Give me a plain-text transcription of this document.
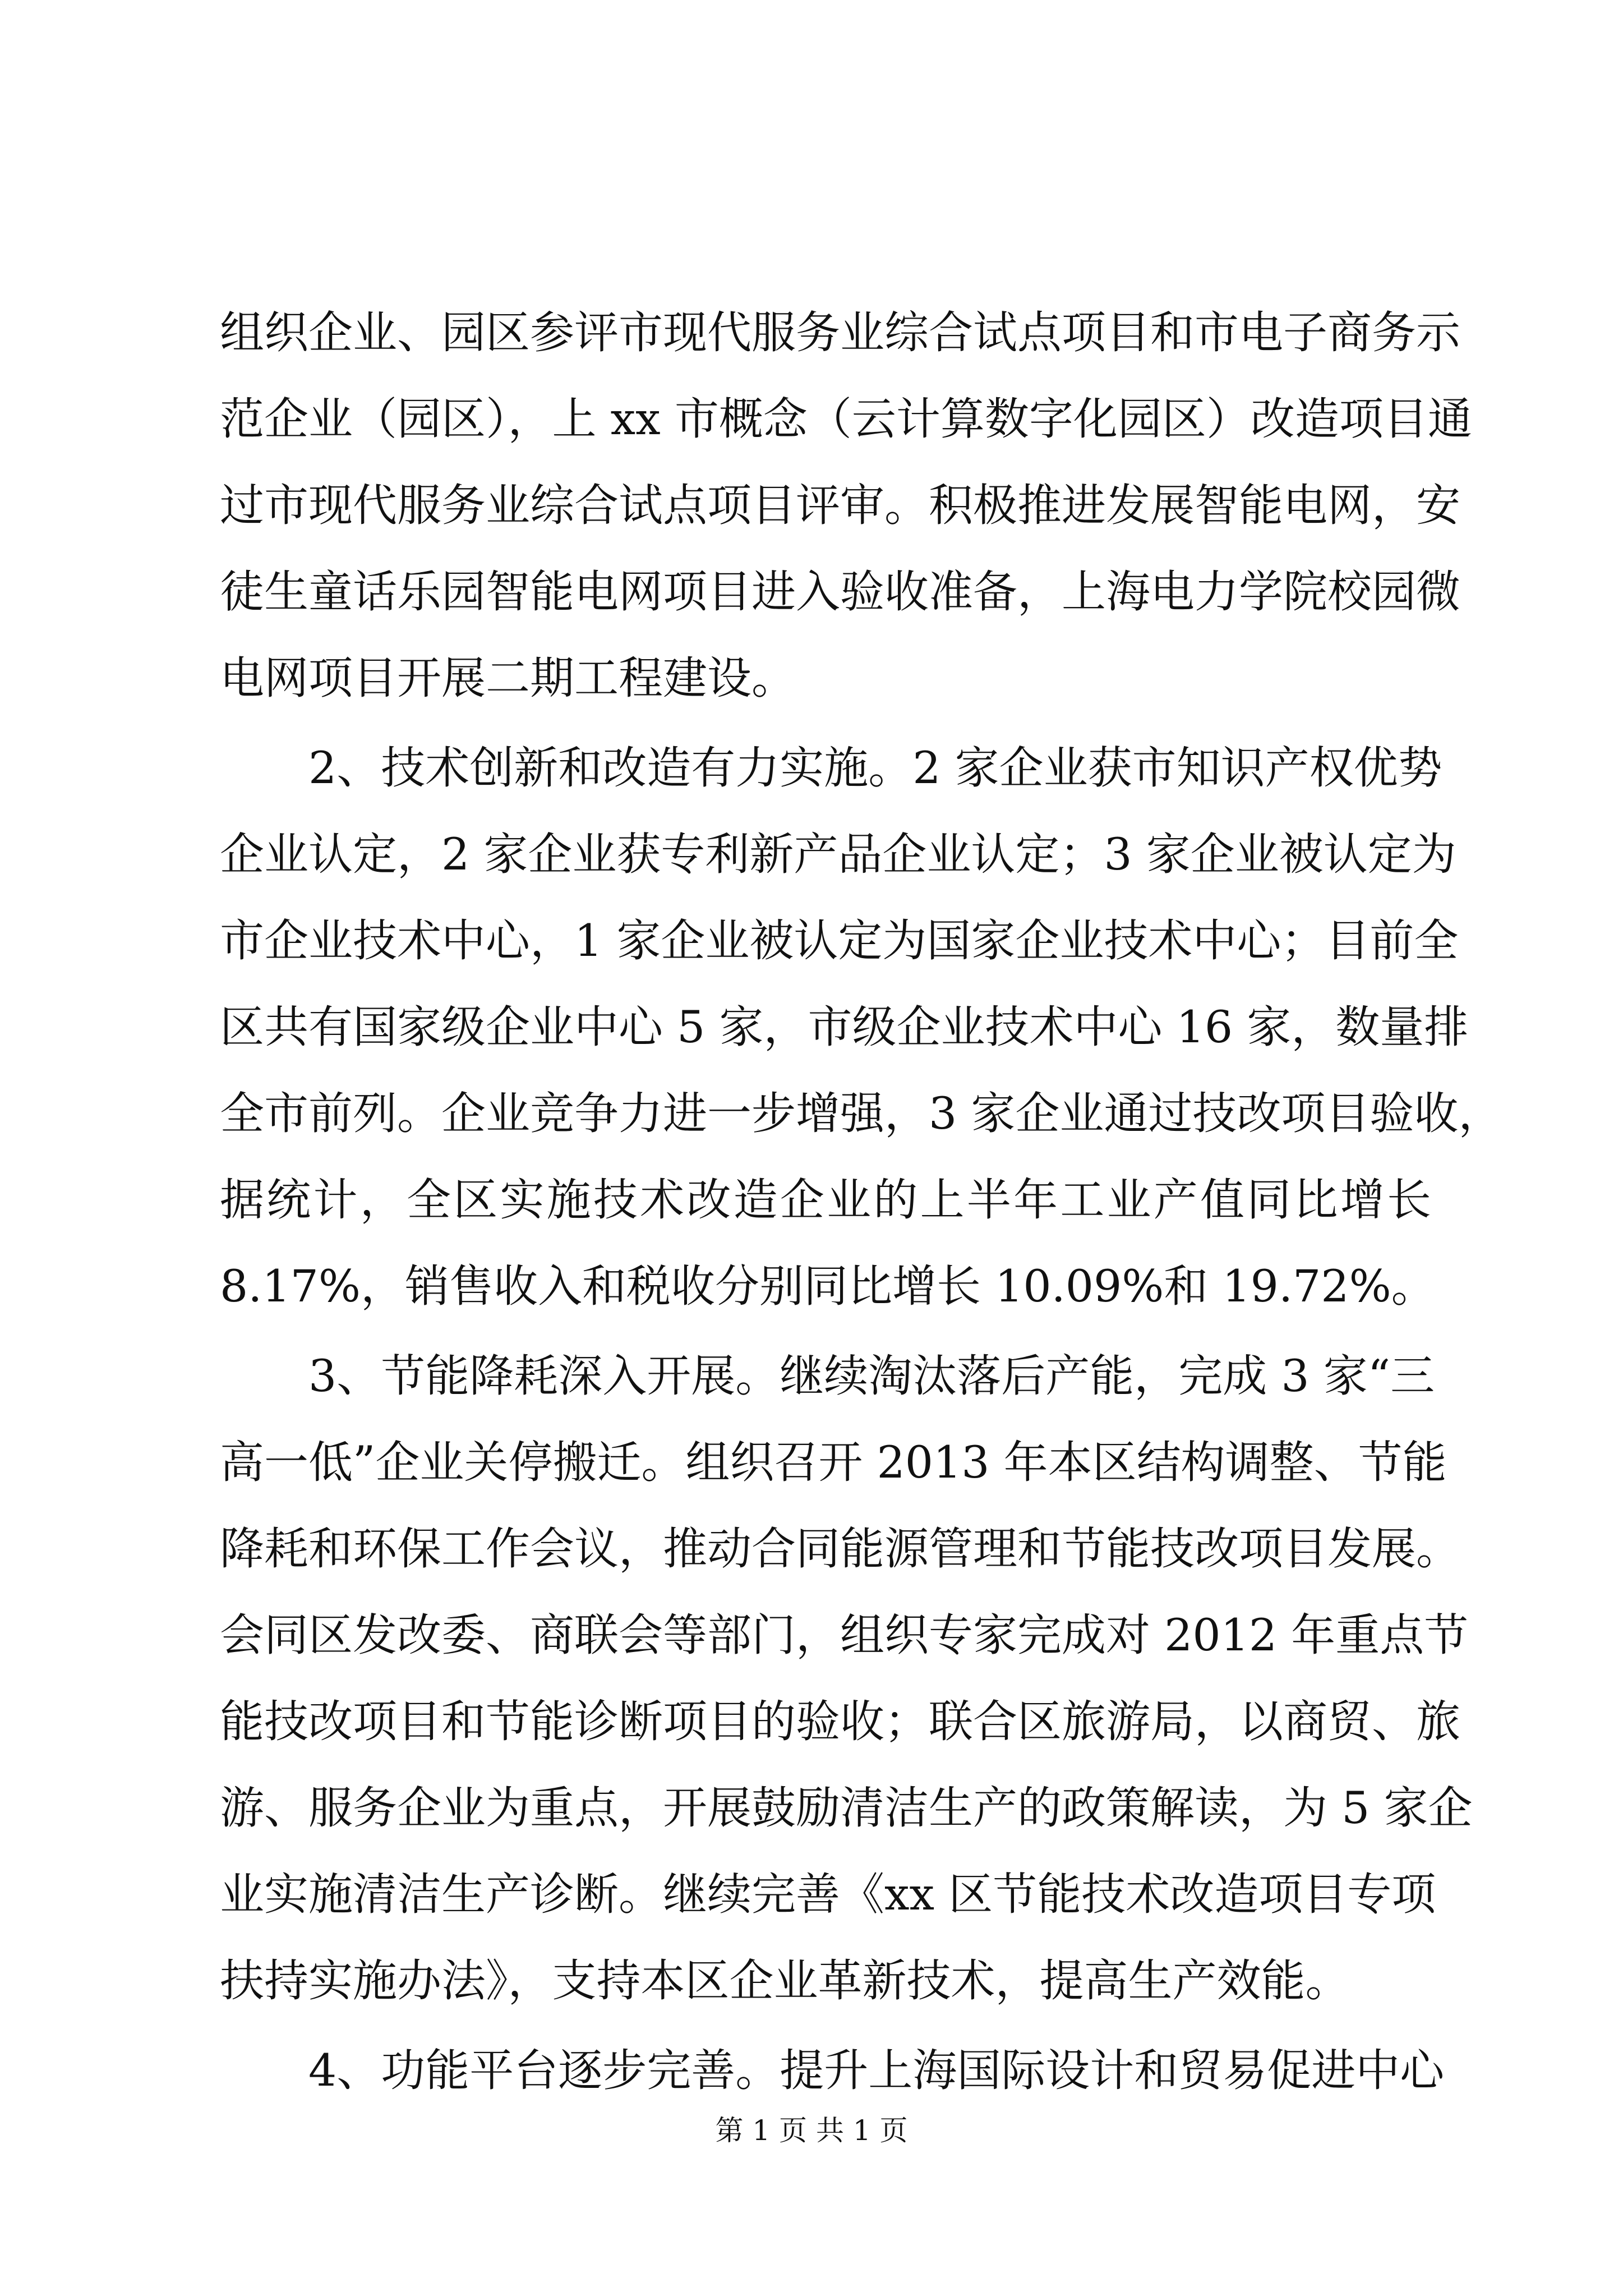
组织企业、园区参评市现代服务业综合试点项目和市电子商务示
范企业（园区），上 xx 市概念（云计算数字化园区）改造项目通
过市现代服务业综合试点项目评审。积极推进发展智能电网，安
徒生童话乐园智能电网项目进入验收准备，上海电力学院校园微
电网项目开展二期工程建设。
2、技术创新和改造有力实施。2 家企业获市知识产权优势
企业认定，2 家企业获专利新产品企业认定；3 家企业被认定为
市企业技术中心，1 家企业被认定为国家企业技术中心；目前全
区共有国家级企业中心 5 家，市级企业技术中心 16 家，数量排
全市前列。企业竞争力进一步增强，3 家企业通过技改项目验收，
据统计，全区实施技术改造企业的上半年工业产值同比增长
8.17%，销售收入和税收分别同比增长 10.09%和 19.72%。
3、节能降耗深入开展。继续淘汰落后产能，完成 3 家“三
高一低”企业关停搬迁。组织召开 2013 年本区结构调整、节能
降耗和环保工作会议，推动合同能源管理和节能技改项目发展。
会同区发改委、商联会等部门，组织专家完成对 2012 年重点节
能技改项目和节能诊断项目的验收；联合区旅游局，以商贸、旅
游、服务企业为重点，开展鼓励清洁生产的政策解读，为 5 家企
业实施清洁生产诊断。继续完善《xx 区节能技术改造项目专项
扶持实施办法》，支持本区企业革新技术，提高生产效能。
4、功能平台逐步完善。提升上海国际设计和贸易促进中心
第 1 页 共 1 页
